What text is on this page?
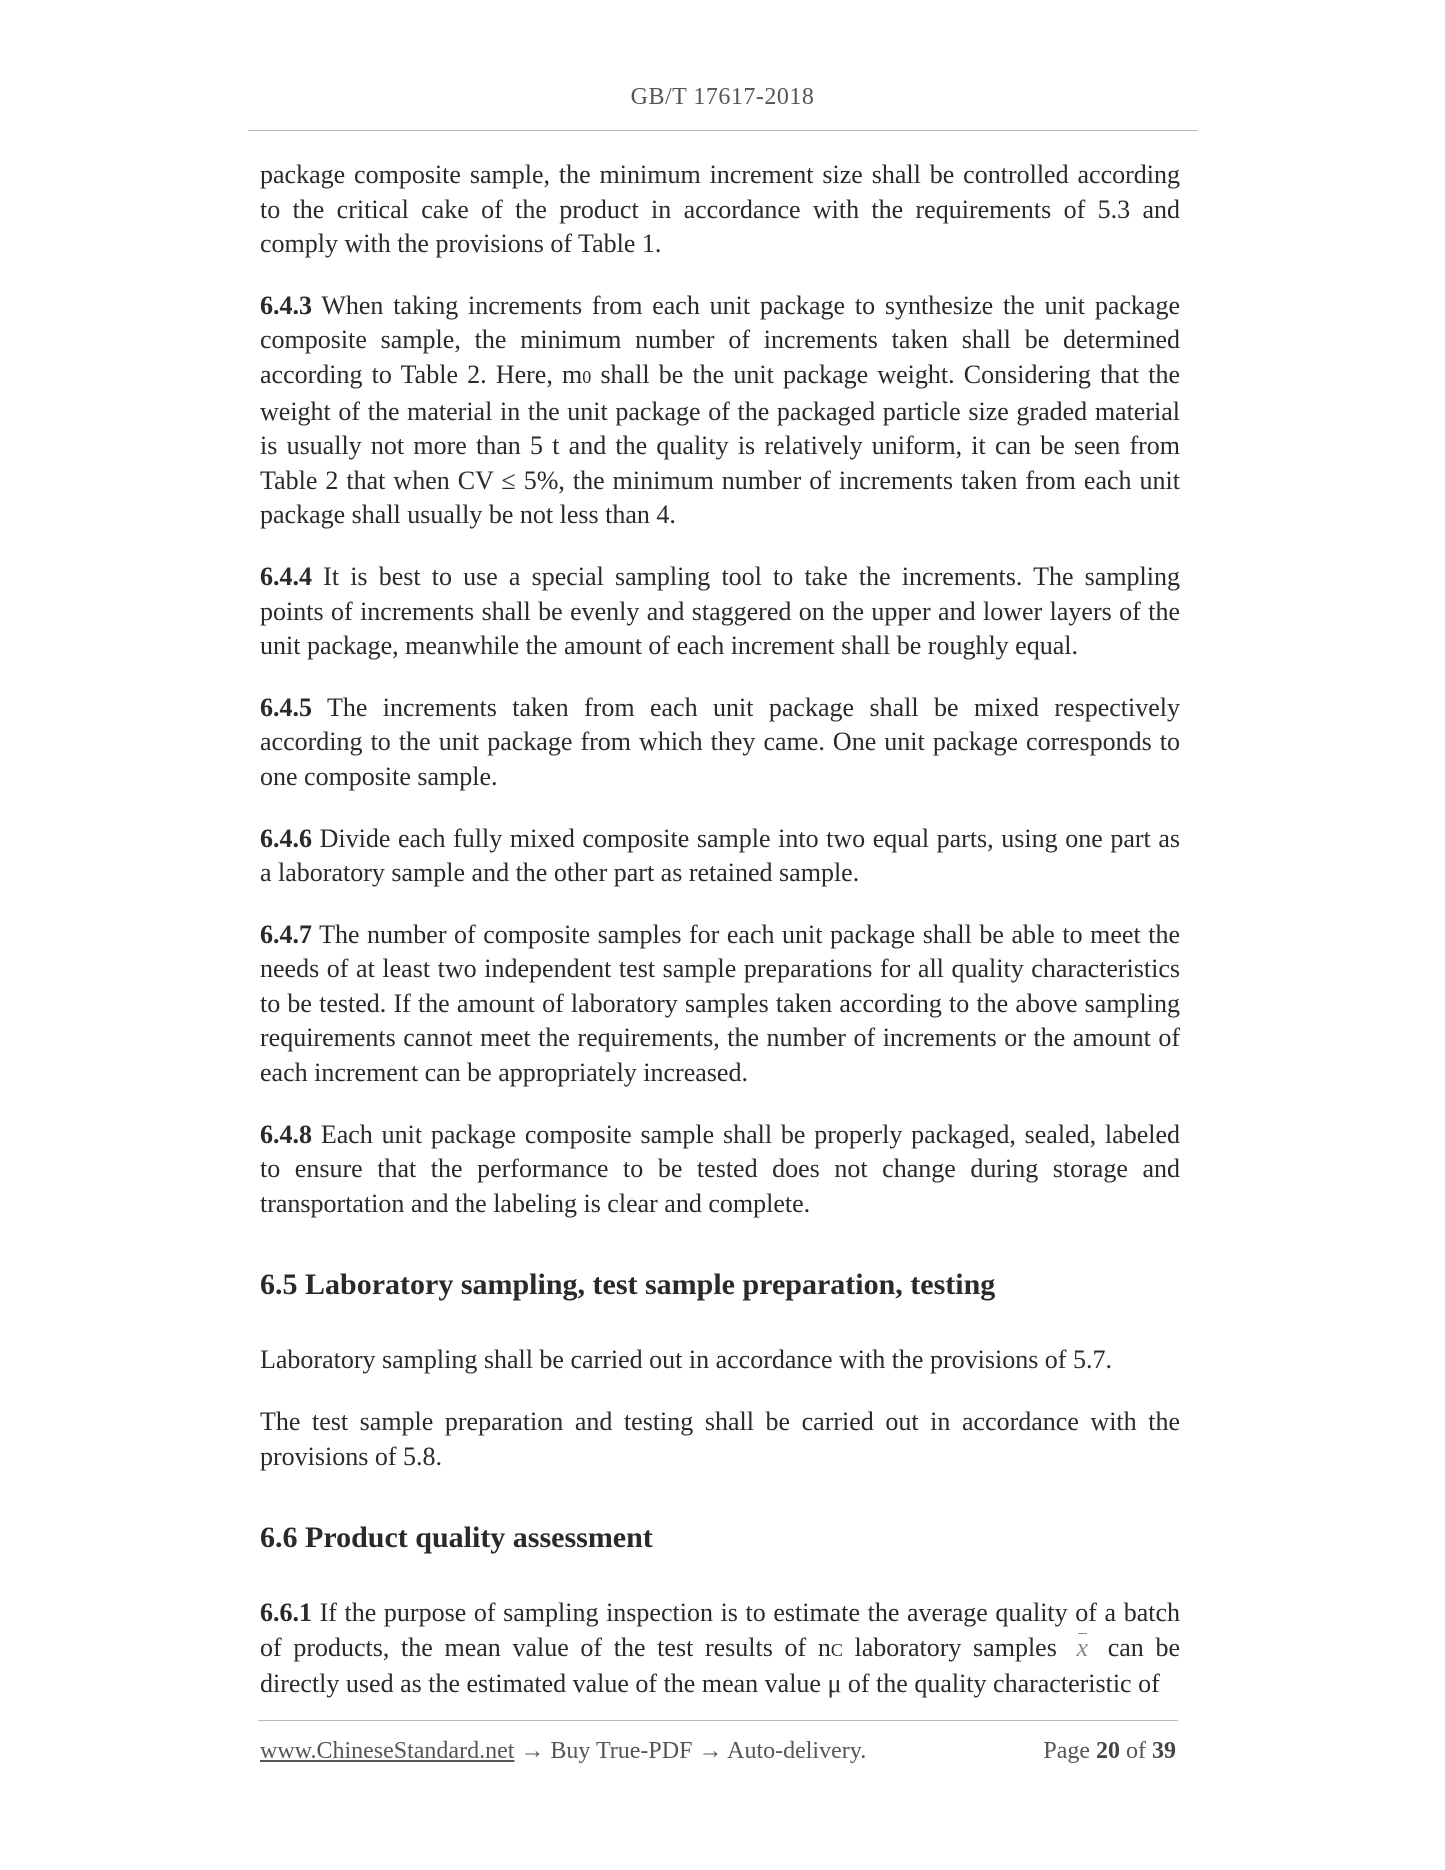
GB/T 17617-2018

package composite sample, the minimum increment size shall be controlled according to the critical cake of the product in accordance with the requirements of 5.3 and comply with the provisions of Table 1.

6.4.3 When taking increments from each unit package to synthesize the unit package composite sample, the minimum number of increments taken shall be determined according to Table 2. Here, m0 shall be the unit package weight. Considering that the weight of the material in the unit package of the packaged particle size graded material is usually not more than 5 t and the quality is relatively uniform, it can be seen from Table 2 that when CV ≤ 5%, the minimum number of increments taken from each unit package shall usually be not less than 4.

6.4.4 It is best to use a special sampling tool to take the increments. The sampling points of increments shall be evenly and staggered on the upper and lower layers of the unit package, meanwhile the amount of each increment shall be roughly equal.

6.4.5 The increments taken from each unit package shall be mixed respectively according to the unit package from which they came. One unit package corresponds to one composite sample.

6.4.6 Divide each fully mixed composite sample into two equal parts, using one part as a laboratory sample and the other part as retained sample.

6.4.7 The number of composite samples for each unit package shall be able to meet the needs of at least two independent test sample preparations for all quality characteristics to be tested. If the amount of laboratory samples taken according to the above sampling requirements cannot meet the requirements, the number of increments or the amount of each increment can be appropriately increased.

6.4.8 Each unit package composite sample shall be properly packaged, sealed, labeled to ensure that the performance to be tested does not change during storage and transportation and the labeling is clear and complete.

6.5 Laboratory sampling, test sample preparation, testing

Laboratory sampling shall be carried out in accordance with the provisions of 5.7.

The test sample preparation and testing shall be carried out in accordance with the provisions of 5.8.

6.6 Product quality assessment

6.6.1 If the purpose of sampling inspection is to estimate the average quality of a batch of products, the mean value of the test results of nC laboratory samples x can be directly used as the estimated value of the mean value μ of the quality characteristic of

www.ChineseStandard.net → Buy True-PDF → Auto-delivery.	Page 20 of 39
